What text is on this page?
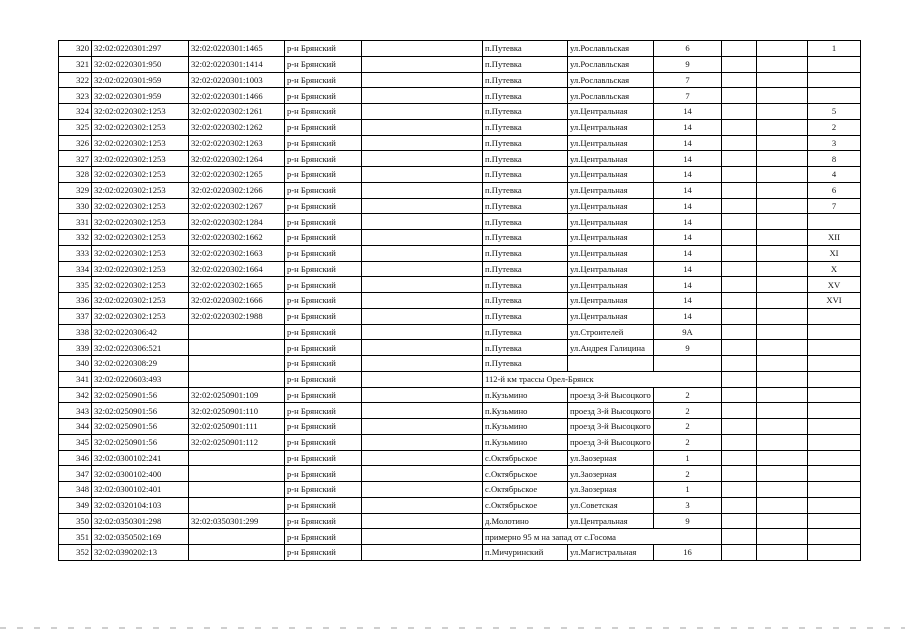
320	32:02:0220301:297	32:02:0220301:1465	р-н Брянский		п.Путевка	ул.Рославльская	6			1
321	32:02:0220301:950	32:02:0220301:1414	р-н Брянский		п.Путевка	ул.Рославльская	9			
322	32:02:0220301:959	32:02:0220301:1003	р-н Брянский		п.Путевка	ул.Рославльская	7			
323	32:02:0220301:959	32:02:0220301:1466	р-н Брянский		п.Путевка	ул.Рославльская	7			
324	32:02:0220302:1253	32:02:0220302:1261	р-н Брянский		п.Путевка	ул.Центральная	14			5
325	32:02:0220302:1253	32:02:0220302:1262	р-н Брянский		п.Путевка	ул.Центральная	14			2
326	32:02:0220302:1253	32:02:0220302:1263	р-н Брянский		п.Путевка	ул.Центральная	14			3
327	32:02:0220302:1253	32:02:0220302:1264	р-н Брянский		п.Путевка	ул.Центральная	14			8
328	32:02:0220302:1253	32:02:0220302:1265	р-н Брянский		п.Путевка	ул.Центральная	14			4
329	32:02:0220302:1253	32:02:0220302:1266	р-н Брянский		п.Путевка	ул.Центральная	14			6
330	32:02:0220302:1253	32:02:0220302:1267	р-н Брянский		п.Путевка	ул.Центральная	14			7
331	32:02:0220302:1253	32:02:0220302:1284	р-н Брянский		п.Путевка	ул.Центральная	14			
332	32:02:0220302:1253	32:02:0220302:1662	р-н Брянский		п.Путевка	ул.Центральная	14			XII
333	32:02:0220302:1253	32:02:0220302:1663	р-н Брянский		п.Путевка	ул.Центральная	14			XI
334	32:02:0220302:1253	32:02:0220302:1664	р-н Брянский		п.Путевка	ул.Центральная	14			X
335	32:02:0220302:1253	32:02:0220302:1665	р-н Брянский		п.Путевка	ул.Центральная	14			XV
336	32:02:0220302:1253	32:02:0220302:1666	р-н Брянский		п.Путевка	ул.Центральная	14			XVI
337	32:02:0220302:1253	32:02:0220302:1988	р-н Брянский		п.Путевка	ул.Центральная	14			
338	32:02:0220306:42		р-н Брянский		п.Путевка	ул.Строителей	9А			
339	32:02:0220306:521		р-н Брянский		п.Путевка	ул.Андрея Галицина	9			
340	32:02:0220308:29		р-н Брянский		п.Путевка					
341	32:02:0220603:493		р-н Брянский		112-й км трассы Орел-Брянск					
342	32:02:0250901:56	32:02:0250901:109	р-н Брянский		п.Кузьмино	проезд 3-й Высоцкого	2			
343	32:02:0250901:56	32:02:0250901:110	р-н Брянский		п.Кузьмино	проезд 3-й Высоцкого	2			
344	32:02:0250901:56	32:02:0250901:111	р-н Брянский		п.Кузьмино	проезд 3-й Высоцкого	2			
345	32:02:0250901:56	32:02:0250901:112	р-н Брянский		п.Кузьмино	проезд 3-й Высоцкого	2			
346	32:02:0300102:241		р-н Брянский		с.Октябрьское	ул.Заозерная	1			
347	32:02:0300102:400		р-н Брянский		с.Октябрьское	ул.Заозерная	2			
348	32:02:0300102:401		р-н Брянский		с.Октябрьское	ул.Заозерная	1			
349	32:02:0320104:103		р-н Брянский		с.Октябрьское	ул.Советская	3			
350	32:02:0350301:298	32:02:0350301:299	р-н Брянский		д.Молотино	ул.Центральная	9			
351	32:02:0350502:169		р-н Брянский		примерно 95 м на запад от с.Госома					
352	32:02:0390202:13		р-н Брянский		п.Мичуринский	ул.Магистральная	16			
